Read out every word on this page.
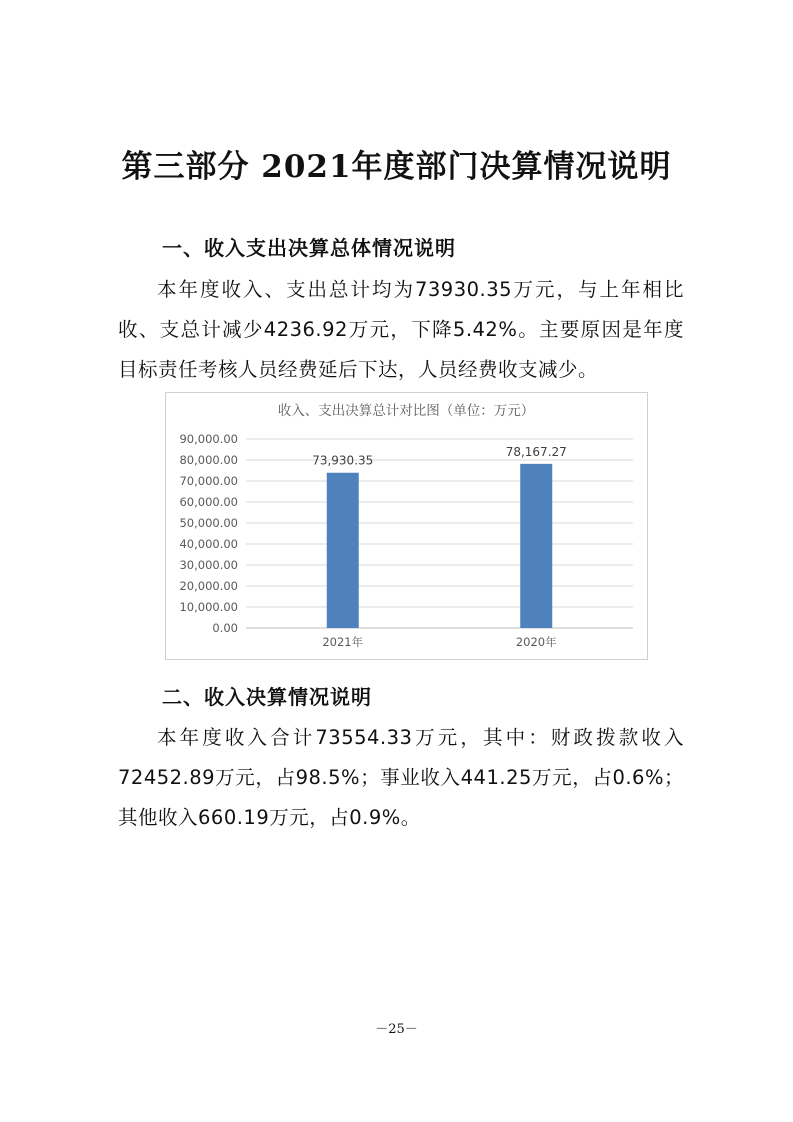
第三部分 2021年度部门决算情况说明
一、收入支出决算总体情况说明
本年度收入、支出总计均为73930.35万元，与上年相比收、支总计减少4236.92万元，下降5.42%。主要原因是年度目标责任考核人员经费延后下达，人员经费收支减少。
收入、支出决算总计对比图（单位：万元）
0.00
10,000.00
20,000.00
30,000.00
40,000.00
50,000.00
60,000.00
70,000.00
80,000.00
90,000.00
73,930.35
2021年
78,167.27
2020年
二、收入决算情况说明
本年度收入合计73554.33万元，其中：财政拨款收入72452.89万元，占98.5%；事业收入441.25万元，占0.6%；其他收入660.19万元，占0.9%。
－25－
